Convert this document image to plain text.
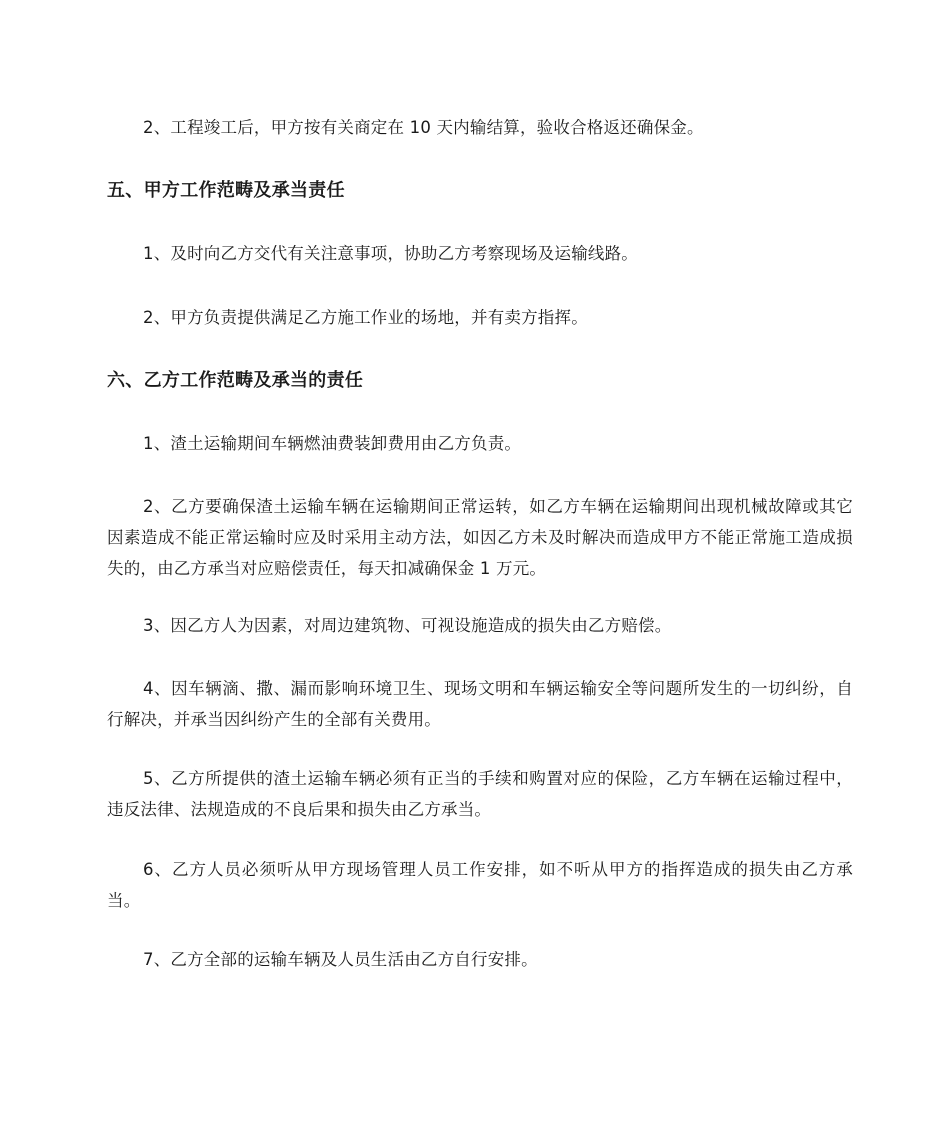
2、工程竣工后，甲方按有关商定在 10 天内输结算，验收合格返还确保金。

五、甲方工作范畴及承当责任

1、及时向乙方交代有关注意事项，协助乙方考察现场及运输线路。

2、甲方负责提供满足乙方施工作业的场地，并有卖方指挥。

六、乙方工作范畴及承当的责任

1、渣土运输期间车辆燃油费装卸费用由乙方负责。

2、乙方要确保渣土运输车辆在运输期间正常运转，如乙方车辆在运输期间出现机械故障或其它因素造成不能正常运输时应及时采用主动方法，如因乙方未及时解决而造成甲方不能正常施工造成损失的，由乙方承当对应赔偿责任，每天扣减确保金 1 万元。

3、因乙方人为因素，对周边建筑物、可视设施造成的损失由乙方赔偿。

4、因车辆滴、撒、漏而影响环境卫生、现场文明和车辆运输安全等问题所发生的一切纠纷，自行解决，并承当因纠纷产生的全部有关费用。

5、乙方所提供的渣土运输车辆必须有正当的手续和购置对应的保险，乙方车辆在运输过程中，违反法律、法规造成的不良后果和损失由乙方承当。

6、乙方人员必须听从甲方现场管理人员工作安排，如不听从甲方的指挥造成的损失由乙方承当。

7、乙方全部的运输车辆及人员生活由乙方自行安排。
